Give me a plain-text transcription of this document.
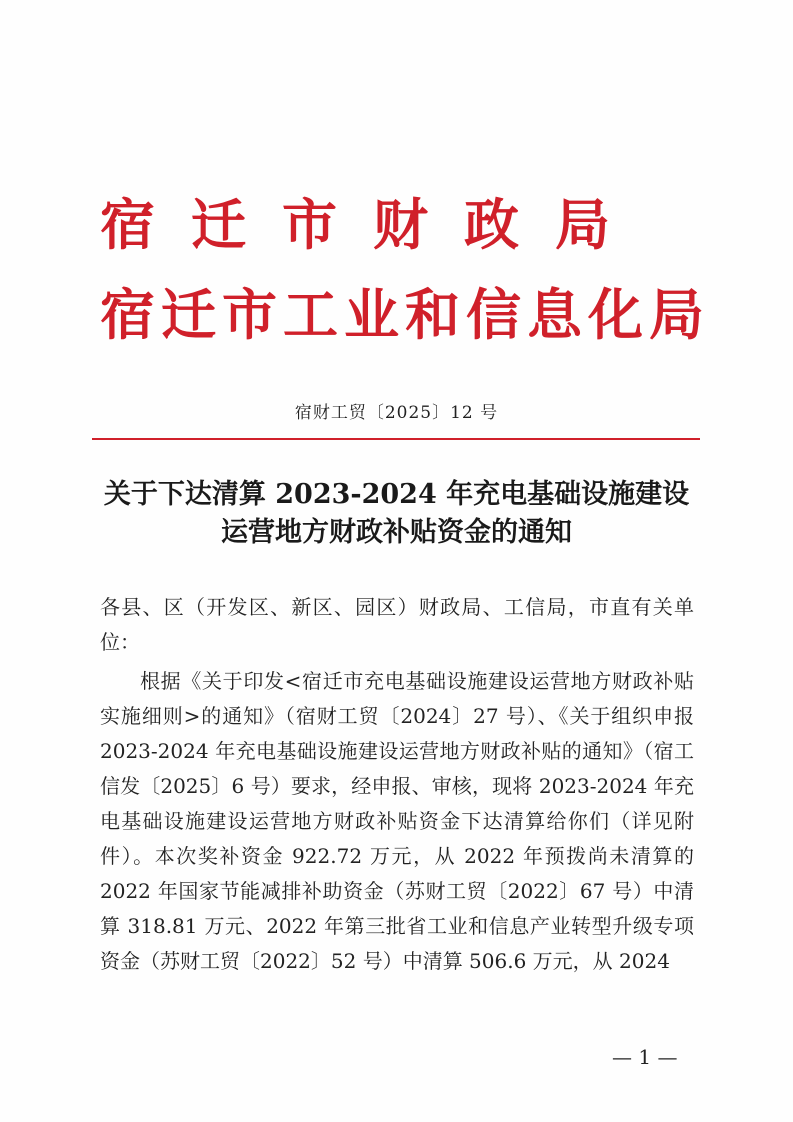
宿迁市财政局
宿迁市工业和信息化局
宿财工贸〔2025〕12 号
关于下达清算 2023-2024 年充电基础设施建设
运营地方财政补贴资金的通知
各县、区（开发区、新区、园区）财政局、工信局，市直有关单位：
根据《关于印发<宿迁市充电基础设施建设运营地方财政补贴实施细则>的通知》（宿财工贸〔2024〕27 号）、《关于组织申报 2023-2024 年充电基础设施建设运营地方财政补贴的通知》（宿工信发〔2025〕6 号）要求，经申报、审核，现将 2023-2024 年充电基础设施建设运营地方财政补贴资金下达清算给你们（详见附件）。本次奖补资金 922.72 万元，从 2022 年预拨尚未清算的 2022 年国家节能减排补助资金（苏财工贸〔2022〕67 号）中清算 318.81 万元、2022 年第三批省工业和信息产业转型升级专项资金（苏财工贸〔2022〕52 号）中清算 506.6 万元，从 2024
— 1 —
